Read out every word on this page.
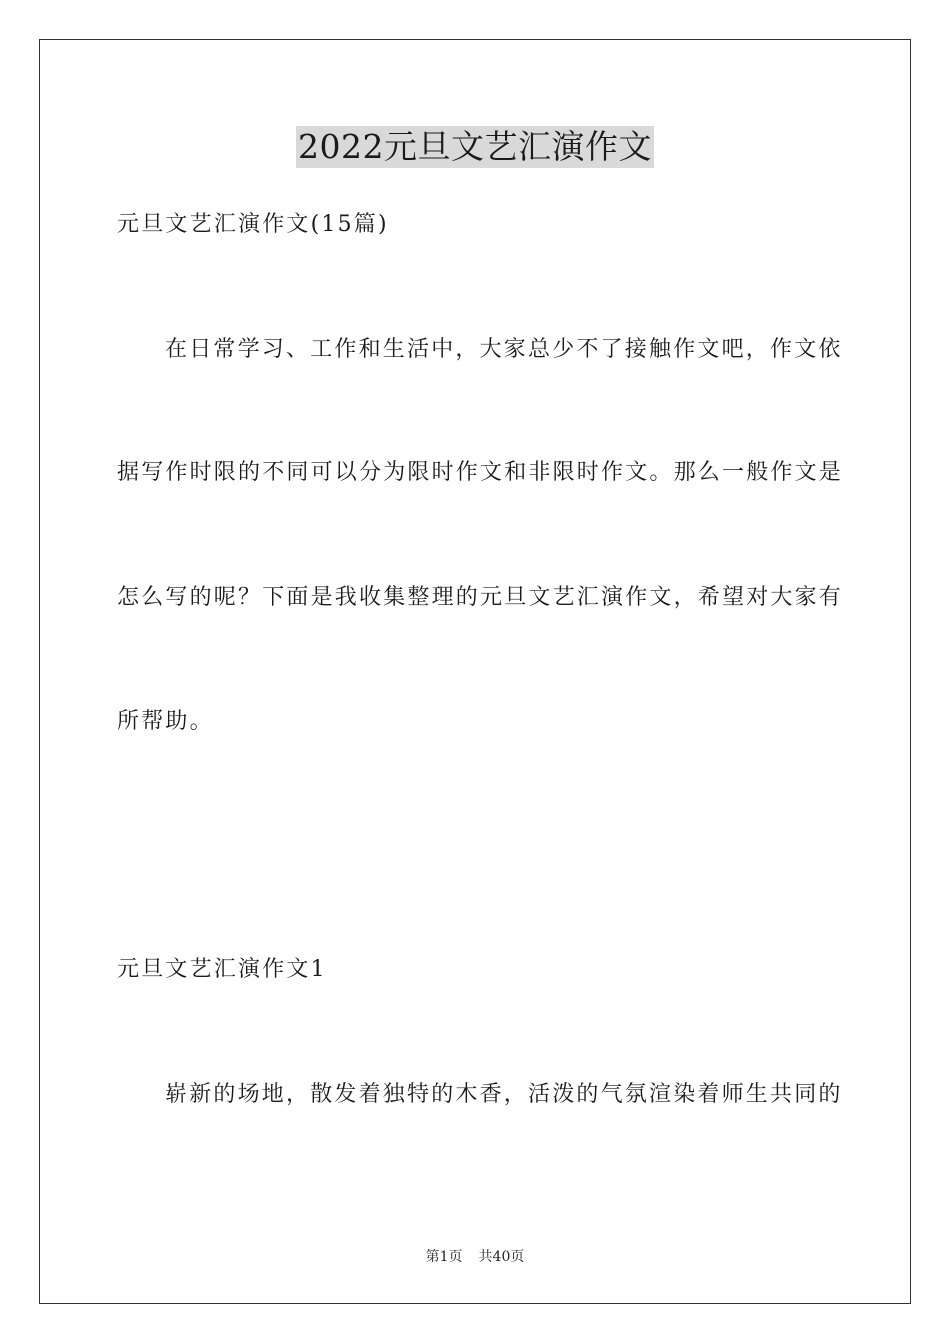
2022元旦文艺汇演作文
元旦文艺汇演作文(15篇)
在日常学习、工作和生活中，大家总少不了接触作文吧，作文依
据写作时限的不同可以分为限时作文和非限时作文。那么一般作文是
怎么写的呢？下面是我收集整理的元旦文艺汇演作文，希望对大家有
所帮助。
元旦文艺汇演作文1
崭新的场地，散发着独特的木香，活泼的气氛渲染着师生共同的
第1页 共40页
